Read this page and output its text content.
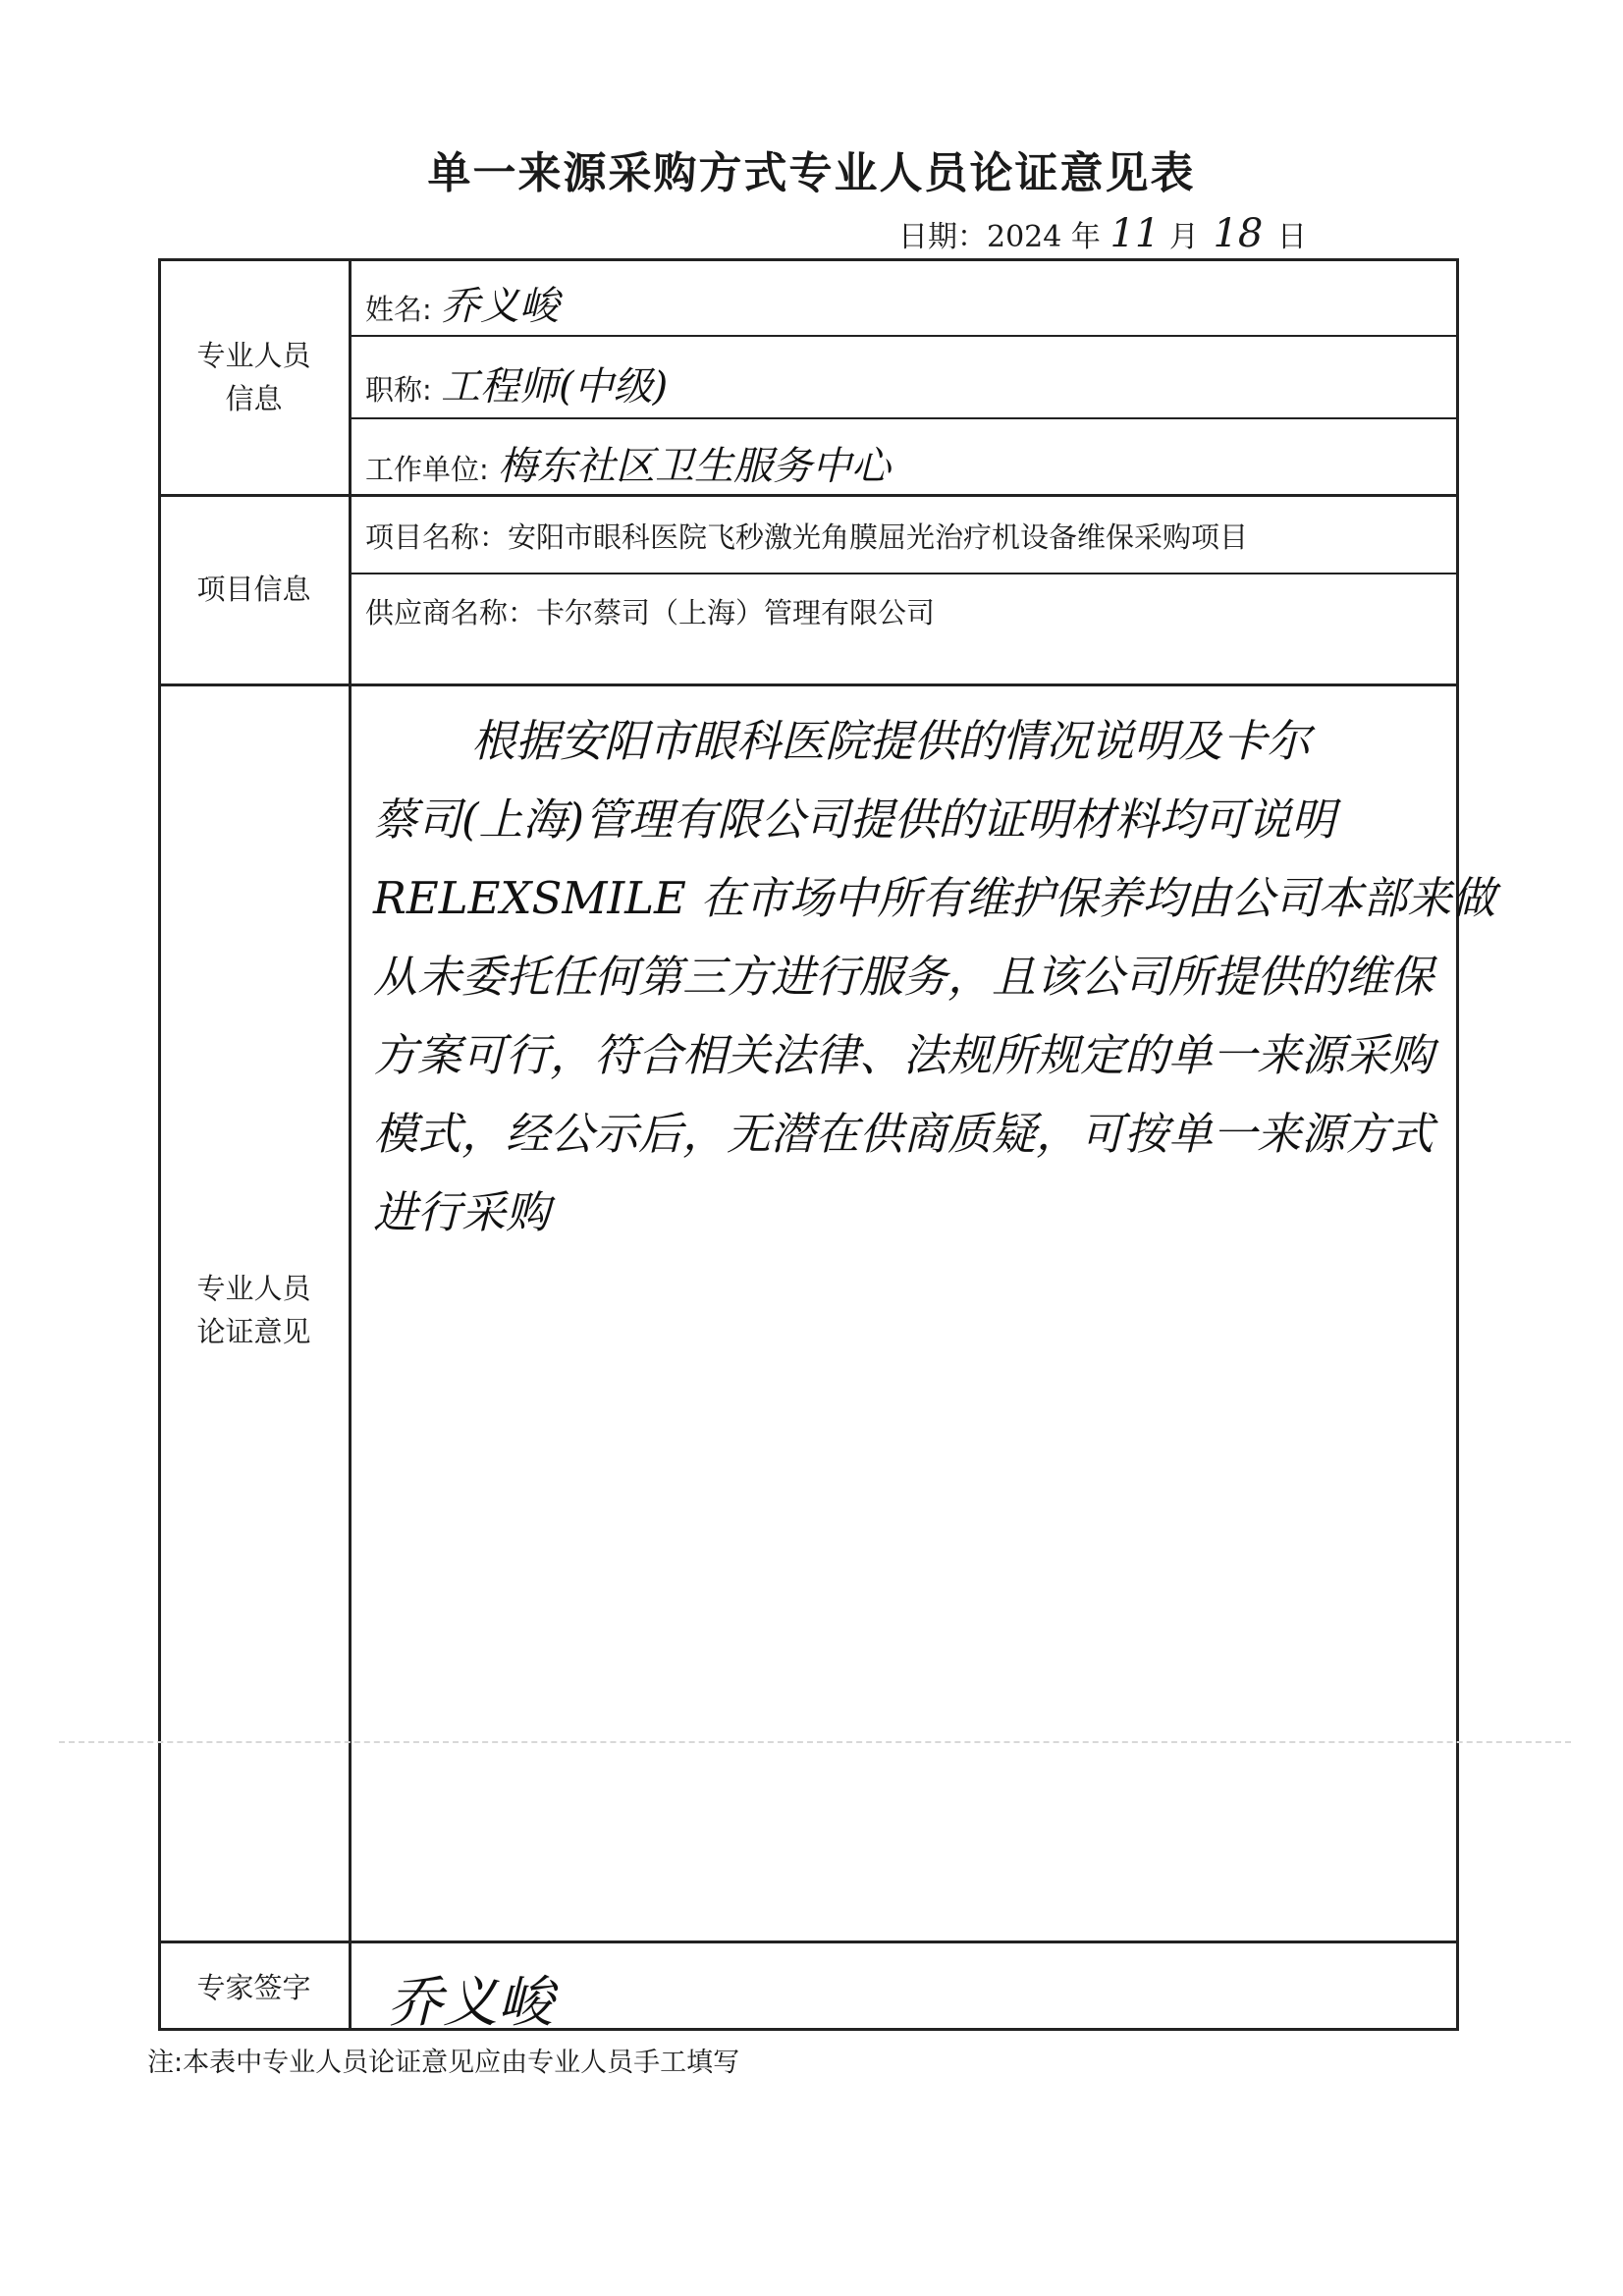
单一来源采购方式专业人员论证意见表
日期：2024 年 11 月 18 日
专业人员
信息
姓名: 乔义峻
职称: 工程师(中级)
工作单位: 梅东社区卫生服务中心
项目信息
项目名称：安阳市眼科医院飞秒激光角膜屈光治疗机设备维保采购项目
供应商名称：卡尔蔡司（上海）管理有限公司
专业人员
论证意见
根据安阳市眼科医院提供的情况说明及卡尔
蔡司(上海)管理有限公司提供的证明材料均可说明
RELEXSMILE 在市场中所有维护保养均由公司本部来做
从未委托任何第三方进行服务，且该公司所提供的维保
方案可行，符合相关法律、法规所规定的单一来源采购
模式，经公示后，无潜在供商质疑，可按单一来源方式
进行采购
专家签字	乔义峻
注:本表中专业人员论证意见应由专业人员手工填写
